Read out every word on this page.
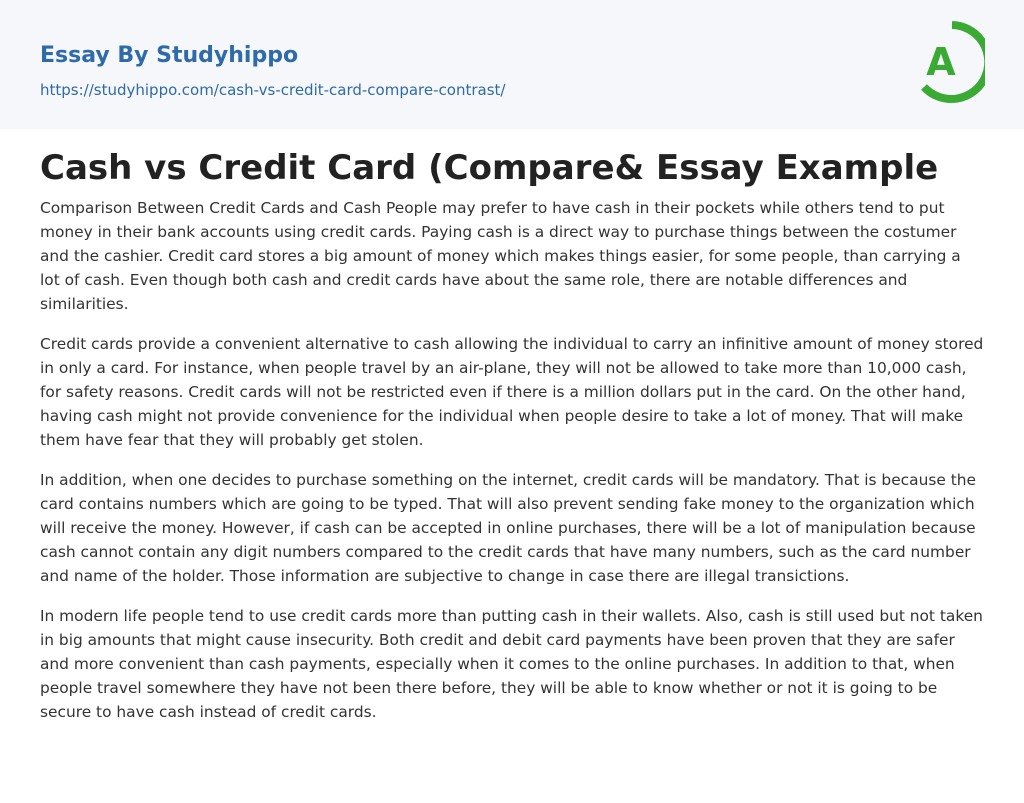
Essay By Studyhippo
https://studyhippo.com/cash-vs-credit-card-compare-contrast/
A
Cash vs Credit Card (Compare& Essay Example

Comparison Between Credit Cards and Cash People may prefer to have cash in their pockets while others tend to put money in their bank accounts using credit cards. Paying cash is a direct way to purchase things between the costumer and the cashier. Credit card stores a big amount of money which makes things easier, for some people, than carrying a lot of cash. Even though both cash and credit cards have about the same role, there are notable differences and similarities.

Credit cards provide a convenient alternative to cash allowing the individual to carry an infinitive amount of money stored in only a card. For instance, when people travel by an air-plane, they will not be allowed to take more than 10,000 cash, for safety reasons. Credit cards will not be restricted even if there is a million dollars put in the card. On the other hand, having cash might not provide convenience for the individual when people desire to take a lot of money. That will make them have fear that they will probably get stolen.

In addition, when one decides to purchase something on the internet, credit cards will be mandatory. That is because the card contains numbers which are going to be typed. That will also prevent sending fake money to the organization which will receive the money. However, if cash can be accepted in online purchases, there will be a lot of manipulation because cash cannot contain any digit numbers compared to the credit cards that have many numbers, such as the card number and name of the holder. Those information are subjective to change in case there are illegal transictions.

In modern life people tend to use credit cards more than putting cash in their wallets. Also, cash is still used but not taken in big amounts that might cause insecurity. Both credit and debit card payments have been proven that they are safer and more convenient than cash payments, especially when it comes to the online purchases. In addition to that, when people travel somewhere they have not been there before, they will be able to know whether or not it is going to be secure to have cash instead of credit cards.
